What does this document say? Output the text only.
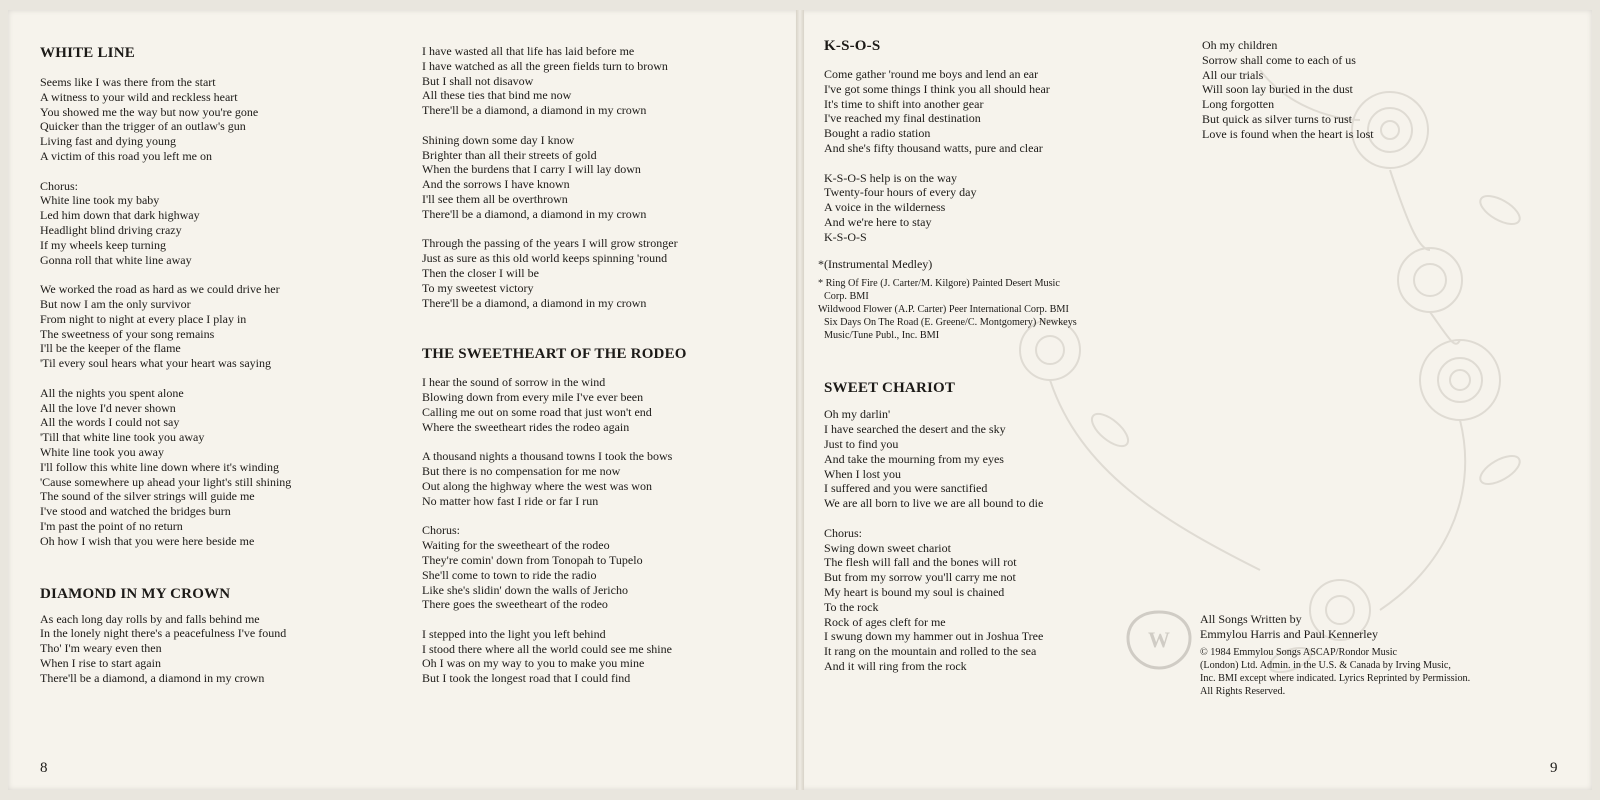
W
WHITE LINE
Seems like I was there from the start
A witness to your wild and reckless heart
You showed me the way but now you're gone
Quicker than the trigger of an outlaw's gun
Living fast and dying young
A victim of this road you left me on
Chorus:
White line took my baby
Led him down that dark highway
Headlight blind driving crazy
If my wheels keep turning
Gonna roll that white line away
We worked the road as hard as we could drive her
But now I am the only survivor
From night to night at every place I play in
The sweetness of your song remains
I'll be the keeper of the flame
'Til every soul hears what your heart was saying
All the nights you spent alone
All the love I'd never shown
All the words I could not say
'Till that white line took you away
White line took you away
I'll follow this white line down where it's winding
'Cause somewhere up ahead your light's still shining
The sound of the silver strings will guide me
I've stood and watched the bridges burn
I'm past the point of no return
Oh how I wish that you were here beside me
DIAMOND IN MY CROWN
As each long day rolls by and falls behind me
In the lonely night there's a peacefulness I've found
Tho' I'm weary even then
When I rise to start again
There'll be a diamond, a diamond in my crown
I have wasted all that life has laid before me
I have watched as all the green fields turn to brown
But I shall not disavow
All these ties that bind me now
There'll be a diamond, a diamond in my crown
Shining down some day I know
Brighter than all their streets of gold
When the burdens that I carry I will lay down
And the sorrows I have known
I'll see them all be overthrown
There'll be a diamond, a diamond in my crown
Through the passing of the years I will grow stronger
Just as sure as this old world keeps spinning 'round
Then the closer I will be
To my sweetest victory
There'll be a diamond, a diamond in my crown
THE SWEETHEART OF THE RODEO
I hear the sound of sorrow in the wind
Blowing down from every mile I've ever been
Calling me out on some road that just won't end
Where the sweetheart rides the rodeo again
A thousand nights a thousand towns I took the bows
But there is no compensation for me now
Out along the highway where the west was won
No matter how fast I ride or far I run
Chorus:
Waiting for the sweetheart of the rodeo
They're comin' down from Tonopah to Tupelo
She'll come to town to ride the radio
Like she's slidin' down the walls of Jericho
There goes the sweetheart of the rodeo
I stepped into the light you left behind
I stood there where all the world could see me shine
Oh I was on my way to you to make you mine
But I took the longest road that I could find
8
K-S-O-S
Come gather 'round me boys and lend an ear
I've got some things I think you all should hear
It's time to shift into another gear
I've reached my final destination
Bought a radio station
And she's fifty thousand watts, pure and clear
K-S-O-S help is on the way
Twenty-four hours of every day
A voice in the wilderness
And we're here to stay
K-S-O-S
*(Instrumental Medley)
* Ring Of Fire (J. Carter/M. Kilgore) Painted Desert Music
Corp. BMI
Wildwood Flower (A.P. Carter) Peer International Corp. BMI
Six Days On The Road (E. Greene/C. Montgomery) Newkeys
Music/Tune Publ., Inc. BMI
SWEET CHARIOT
Oh my darlin'
I have searched the desert and the sky
Just to find you
And take the mourning from my eyes
When I lost you
I suffered and you were sanctified
We are all born to live we are all bound to die
Chorus:
Swing down sweet chariot
The flesh will fall and the bones will rot
But from my sorrow you'll carry me not
My heart is bound my soul is chained
To the rock
Rock of ages cleft for me
I swung down my hammer out in Joshua Tree
It rang on the mountain and rolled to the sea
And it will ring from the rock
Oh my children
Sorrow shall come to each of us
All our trials
Will soon lay buried in the dust
Long forgotten
But quick as silver turns to rust
Love is found when the heart is lost
All Songs Written by
Emmylou Harris and Paul Kennerley
© 1984 Emmylou Songs ASCAP/Rondor Music
(London) Ltd. Admin. in the U.S. & Canada by Irving Music,
Inc. BMI except where indicated. Lyrics Reprinted by Permission.
All Rights Reserved.
9
